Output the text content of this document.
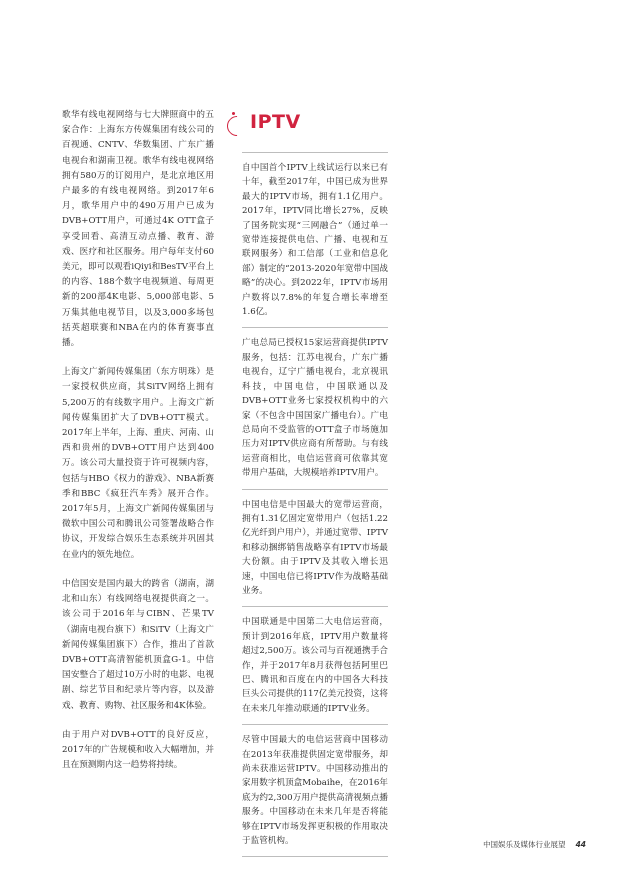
歌华有线电视网络与七大牌照商中的五家合作：上海东方传媒集团有线公司的百视通、CNTV、华数集团、广东广播电视台和湖南卫视。歌华有线电视网络拥有580万的订阅用户，是北京地区用户最多的有线电视网络。到2017年6月，歌华用户中的490万用户已成为DVB+OTT用户，可通过4K OTT盒子享受回看、高清互动点播、教育、游戏、医疗和社区服务。用户每年支付60美元，即可以观看iQiyi和BesTV平台上的内容、188个数字电视频道、每周更新的200部4K电影、5,000部电影、5万集其他电视节目，以及3,000多场包括英超联赛和NBA在内的体育赛事直播。

上海文广新闻传媒集团（东方明珠）是一家授权供应商，其SiTV网络上拥有5,200万的有线数字用户。上海文广新闻传媒集团扩大了DVB+OTT模式。2017年上半年，上海、重庆、河南、山西和贵州的DVB+OTT用户达到400万。该公司大量投资于许可视频内容，包括与HBO《权力的游戏》、NBA新赛季和BBC《疯狂汽车秀》展开合作。2017年5月，上海文广新闻传媒集团与微软中国公司和腾讯公司签署战略合作协议，开发综合娱乐生态系统并巩固其在业内的领先地位。

中信国安是国内最大的跨省（湖南，湖北和山东）有线网络电视提供商之一。该公司于2016年与CIBN、芒果TV（湖南电视台旗下）和SiTV（上海文广新闻传媒集团旗下）合作，推出了首款DVB+OTT高清智能机顶盒G-1。中信国安整合了超过10万小时的电影、电视剧、综艺节目和纪录片等内容，以及游戏、教育、购物、社区服务和4K体验。

由于用户对DVB+OTT的良好反应，2017年的广告规模和收入大幅增加，并且在预测期内这一趋势将持续。

IPTV
自中国首个IPTV上线试运行以来已有十年，截至2017年，中国已成为世界最大的IPTV市场，拥有1.1亿用户。2017年，IPTV同比增长27%，反映了国务院实现“三网融合”（通过单一宽带连接提供电信、广播、电视和互联网服务）和工信部（工业和信息化部）制定的“2013-2020年宽带中国战略”的决心。到2022年，IPTV市场用户数将以7.8%的年复合增长率增至1.6亿。
广电总局已授权15家运营商提供IPTV服务，包括：江苏电视台，广东广播电视台，辽宁广播电视台，北京视讯科技，中国电信，中国联通以及DVB+OTT业务七家授权机构中的六家（不包含中国国家广播电台）。广电总局向不受监管的OTT盒子市场施加压力对IPTV供应商有所帮助。与有线运营商相比，电信运营商可依靠其宽带用户基础，大规模培养IPTV用户。
中国电信是中国最大的宽带运营商，拥有1.31亿固定宽带用户（包括1.22亿光纤到户用户），并通过宽带、IPTV和移动捆绑销售战略享有IPTV市场最大份额。由于IPTV及其收入增长迅速，中国电信已将IPTV作为战略基础业务。
中国联通是中国第二大电信运营商，预计到2016年底，IPTV用户数量将超过2,500万。该公司与百视通携手合作，并于2017年8月获得包括阿里巴巴、腾讯和百度在内的中国各大科技巨头公司提供的117亿美元投资，这将在未来几年推动联通的IPTV业务。
尽管中国最大的电信运营商中国移动在2013年获准提供固定宽带服务，却尚未获准运营IPTV。中国移动推出的家用数字机顶盒Mobaihe，在2016年底为约2,300万用户提供高清视频点播服务。中国移动在未来几年是否将能够在IPTV市场发挥更积极的作用取决于监管机构。	中国娱乐及媒体行业展望 44
